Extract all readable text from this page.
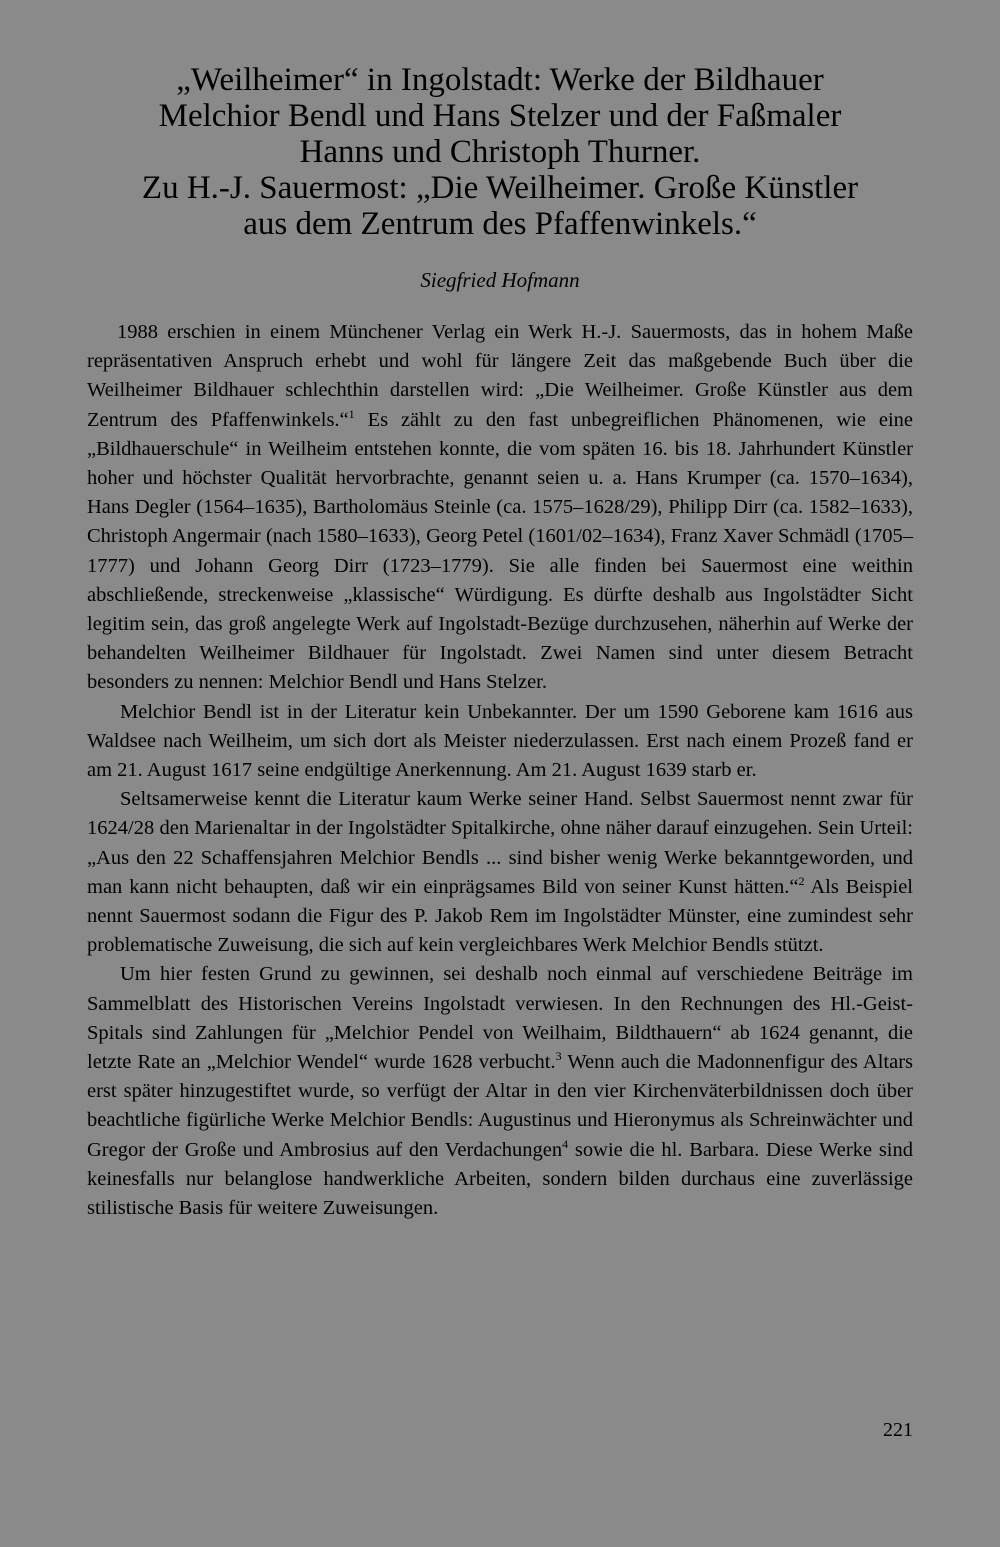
„Weilheimer“ in Ingolstadt: Werke der Bildhauer
Melchior Bendl und Hans Stelzer und der Faßmaler
Hanns und Christoph Thurner.
Zu H.-J. Sauermost: „Die Weilheimer. Große Künstler
aus dem Zentrum des Pfaffenwinkels.“
Siegfried Hofmann

1988 erschien in einem Münchener Verlag ein Werk H.-J. Sauermosts, das in hohem Maße repräsentativen Anspruch erhebt und wohl für längere Zeit das maßgebende Buch über die Weilheimer Bildhauer schlechthin darstellen wird: „Die Weilheimer. Große Künstler aus dem Zentrum des Pfaffenwinkels.“$^1$ Es zählt zu den fast unbegreiflichen Phänomenen, wie eine „Bildhauerschule“ in Weilheim entstehen konnte, die vom späten 16. bis 18. Jahrhundert Künstler hoher und höchster Qualität hervorbrachte, genannt seien u. a. Hans Krumper (ca. 1570–1634), Hans Degler (1564–1635), Bartholomäus Steinle (ca. 1575–1628/29), Philipp Dirr (ca. 1582–1633), Christoph Angermair (nach 1580–1633), Georg Petel (1601/02–1634), Franz Xaver Schmädl (1705–1777) und Johann Georg Dirr (1723–1779). Sie alle finden bei Sauermost eine weithin abschließende, streckenweise „klassische“ Würdigung. Es dürfte deshalb aus Ingolstädter Sicht legitim sein, das groß angelegte Werk auf Ingolstadt-Bezüge durchzusehen, näherhin auf Werke der behandelten Weilheimer Bildhauer für Ingolstadt. Zwei Namen sind unter diesem Betracht besonders zu nennen: Melchior Bendl und Hans Stelzer.

Melchior Bendl ist in der Literatur kein Unbekannter. Der um 1590 Geborene kam 1616 aus Waldsee nach Weilheim, um sich dort als Meister niederzulassen. Erst nach einem Prozeß fand er am 21. August 1617 seine endgültige Anerkennung. Am 21. August 1639 starb er.

Seltsamerweise kennt die Literatur kaum Werke seiner Hand. Selbst Sauermost nennt zwar für 1624/28 den Marienaltar in der Ingolstädter Spitalkirche, ohne näher darauf einzugehen. Sein Urteil: „Aus den 22 Schaffensjahren Melchior Bendls ... sind bisher wenig Werke bekanntgeworden, und man kann nicht behaupten, daß wir ein einprägsames Bild von seiner Kunst hätten.“$^2$ Als Beispiel nennt Sauermost sodann die Figur des P. Jakob Rem im Ingolstädter Münster, eine zumindest sehr problematische Zuweisung, die sich auf kein vergleichbares Werk Melchior Bendls stützt.

Um hier festen Grund zu gewinnen, sei deshalb noch einmal auf verschiedene Beiträge im Sammelblatt des Historischen Vereins Ingolstadt verwiesen. In den Rechnungen des Hl.-Geist-Spitals sind Zahlungen für „Melchior Pendel von Weilhaim, Bildthauern“ ab 1624 genannt, die letzte Rate an „Melchior Wendel“ wurde 1628 verbucht.$^3$ Wenn auch die Madonnenfigur des Altars erst später hinzugestiftet wurde, so verfügt der Altar in den vier Kirchenväterbildnissen doch über beachtliche figürliche Werke Melchior Bendls: Augustinus und Hieronymus als Schreinwächter und Gregor der Große und Ambrosius auf den Verdachungen$^4$ sowie die hl. Barbara. Diese Werke sind keinesfalls nur belanglose handwerkliche Arbeiten, sondern bilden durchaus eine zuverlässige stilistische Basis für weitere Zuweisungen.

221
